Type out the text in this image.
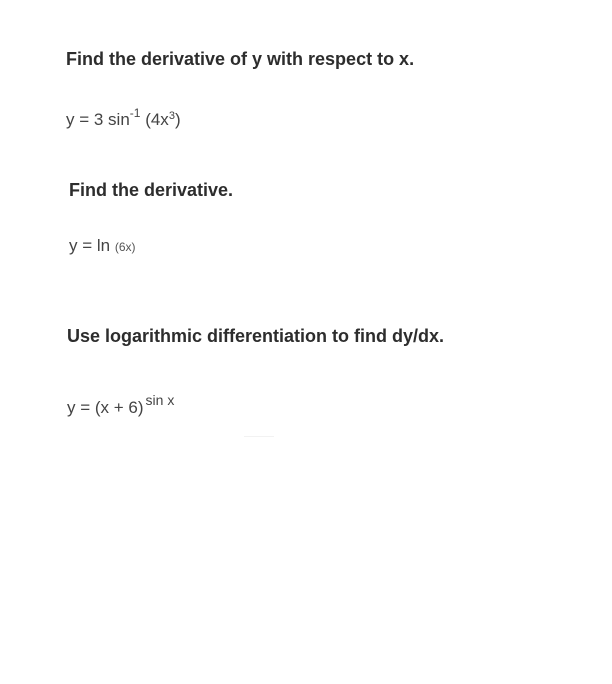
Find the derivative of y with respect to x.
y = 3 $\sin^{-1} (4x^3)$
Find the derivative.
y = ln (6x)
Use logarithmic differentiation to find dy/dx.
y = (x + 6) $^{sin x}$
